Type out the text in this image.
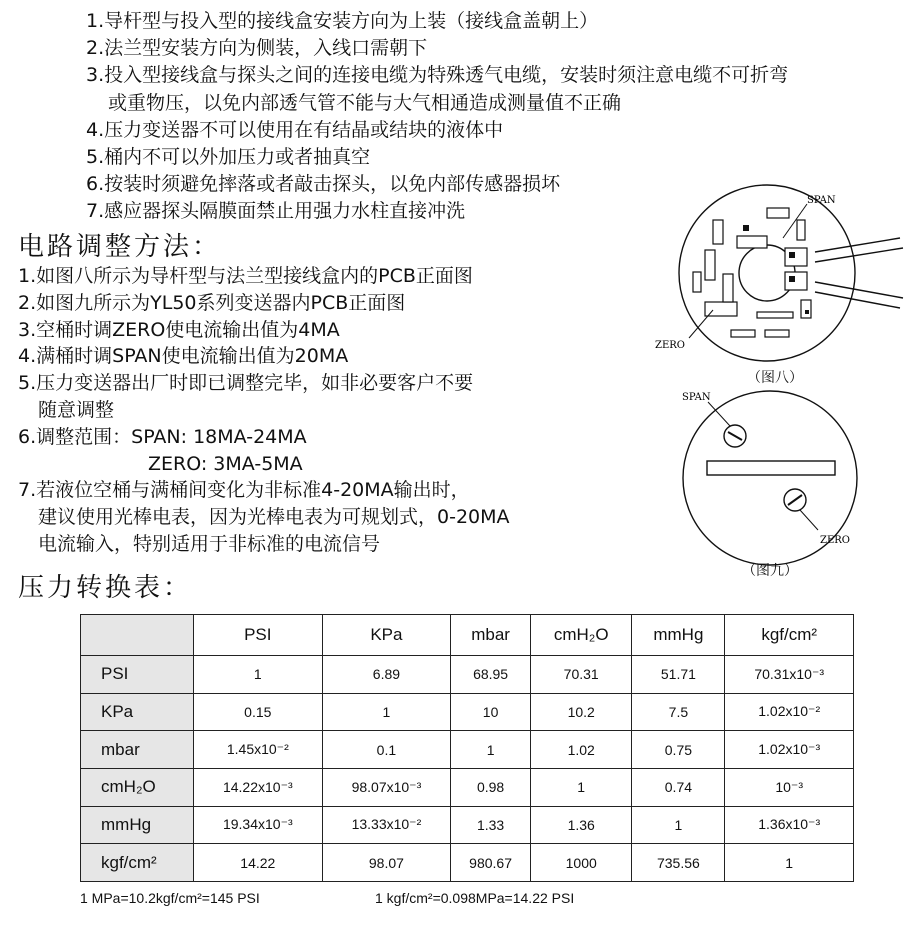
1.导杆型与投入型的接线盒安装方向为上装（接线盒盖朝上）
2.法兰型安装方向为侧装，入线口需朝下
3.投入型接线盒与探头之间的连接电缆为特殊透气电缆，安装时须注意电缆不可折弯
或重物压，以免内部透气管不能与大气相通造成测量值不正确
4.压力变送器不可以使用在有结晶或结块的液体中
5.桶内不可以外加压力或者抽真空
6.按装时须避免摔落或者敲击探头，以免内部传感器损坏
7.感应器探头隔膜面禁止用强力水柱直接冲洗
电路调整方法：
1.如图八所示为导杆型与法兰型接线盒内的PCB正面图
2.如图九所示为YL50系列变送器内PCB正面图
3.空桶时调ZERO使电流输出值为4MA
4.满桶时调SPAN使电流输出值为20MA
5.压力变送器出厂时即已调整完毕，如非必要客户不要
随意调整
6.调整范围：SPAN: 18MA-24MA
ZERO: 3MA-5MA
7.若液位空桶与满桶间变化为非标准4-20MA输出时，
建议使用光棒电表，因为光棒电表为可规划式，0-20MA
电流输入，特别适用于非标准的电流信号
SPAN
ZERO
（图八）
SPAN
ZERO
（图九）
压力转换表：
	PSI	KPa	mbar	cmH₂O	mmHg	kgf/cm²
PSI	1	6.89	68.95	70.31	51.71	70.31x10⁻³
KPa	0.15	1	10	10.2	7.5	1.02x10⁻²
mbar	1.45x10⁻²	0.1	1	1.02	0.75	1.02x10⁻³
cmH₂O	14.22x10⁻³	98.07x10⁻³	0.98	1	0.74	10⁻³
mmHg	19.34x10⁻³	13.33x10⁻²	1.33	1.36	1	1.36x10⁻³
kgf/cm²	14.22	98.07	980.67	1000	735.56	1
1 MPa=10.2kgf/cm²=145 PSI	1 kgf/cm²=0.098MPa=14.22 PSI
